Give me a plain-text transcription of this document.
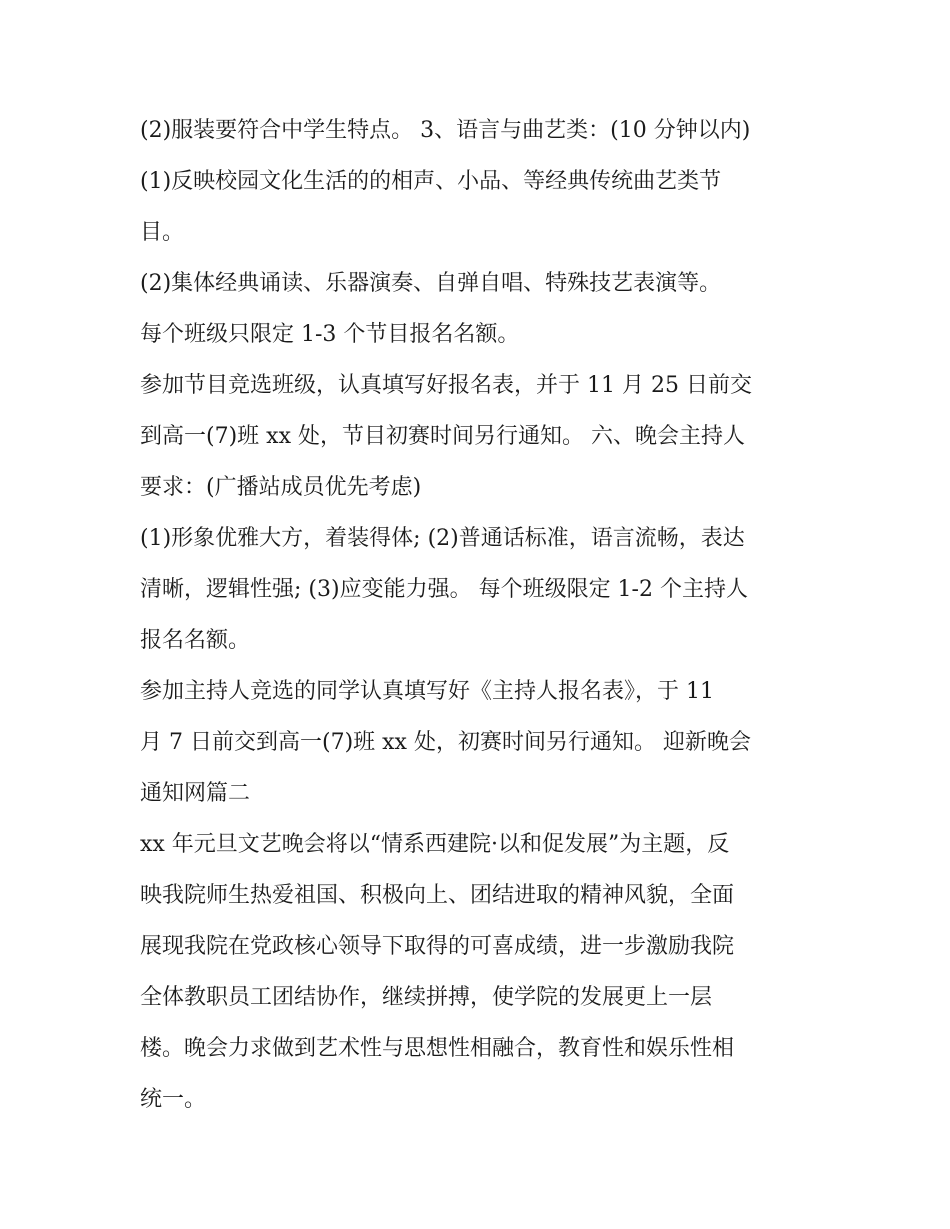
(2)服装要符合中学生特点。 3、语言与曲艺类：(10 分钟以内)
(1)反映校园文化生活的的相声、小品、等经典传统曲艺类节
目。
(2)集体经典诵读、乐器演奏、自弹自唱、特殊技艺表演等。
每个班级只限定 1-3 个节目报名名额。
参加节目竞选班级，认真填写好报名表，并于 11 月 25 日前交
到高一(7)班 xx 处，节目初赛时间另行通知。 六、晚会主持人
要求：(广播站成员优先考虑)
(1)形象优雅大方，着装得体; (2)普通话标准，语言流畅，表达
清晰，逻辑性强; (3)应变能力强。 每个班级限定 1-2 个主持人
报名名额。
参加主持人竞选的同学认真填写好《主持人报名表》，于 11
月 7 日前交到高一(7)班 xx 处，初赛时间另行通知。 迎新晚会
通知网篇二
xx 年元旦文艺晚会将以“情系西建院·以和促发展”为主题，反
映我院师生热爱祖国、积极向上、团结进取的精神风貌，全面
展现我院在党政核心领导下取得的可喜成绩，进一步激励我院
全体教职员工团结协作，继续拼搏，使学院的发展更上一层
楼。晚会力求做到艺术性与思想性相融合，教育性和娱乐性相
统一。
